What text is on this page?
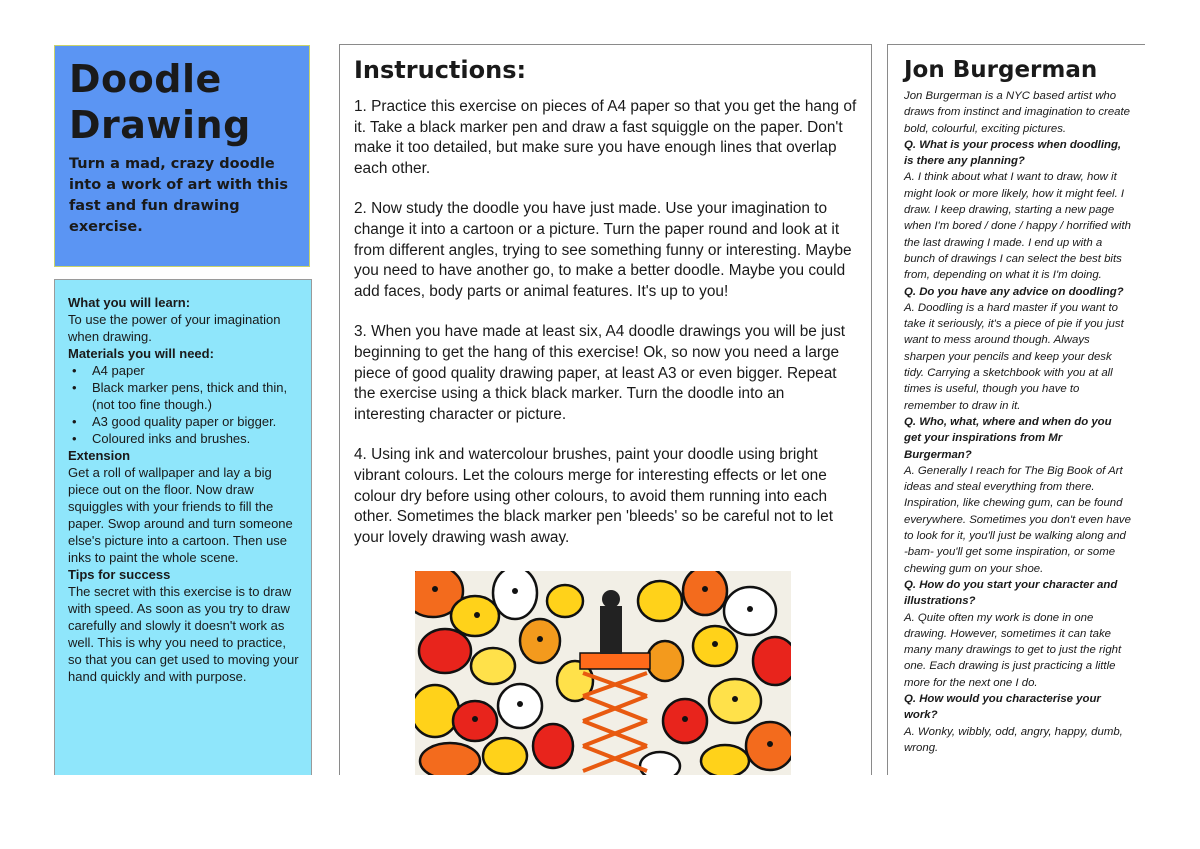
Doodle
Drawing
Turn a mad, crazy doodle into a work of art with this fast and fun drawing exercise.

What you will learn:

To use the power of your imagination when drawing.

Materials you will need:

• A4 paper
• Black marker pens, thick and thin, (not too fine though.)
• A3 good quality paper or bigger.
• Coloured inks and brushes.

Extension

Get a roll of wallpaper and lay a big piece out on the floor. Now draw squiggles with your friends to fill the paper. Swop around and turn someone else's picture into a cartoon. Then use inks to paint the whole scene.

Tips for success

The secret with this exercise is to draw with speed. As soon as you try to draw carefully and slowly it doesn't work as well. This is why you need to practice, so that you can get used to moving your hand quickly and with purpose.

Instructions:

1. Practice this exercise on pieces of A4 paper so that you get the hang of it. Take a black marker pen and draw a fast squiggle on the paper. Don't make it too detailed, but make sure you have enough lines that overlap each other.

2. Now study the doodle you have just made. Use your imagination to change it into a cartoon or a picture. Turn the paper round and look at it from different angles, trying to see something funny or interesting. Maybe you need to have another go, to make a better doodle. Maybe you could add faces, body parts or animal features. It's up to you!

3. When you have made at least six, A4 doodle drawings you will be just beginning to get the hang of this exercise! Ok, so now you need a large piece of good quality drawing paper, at least A3 or even bigger. Repeat the exercise using a thick black marker. Turn the doodle into an interesting character or picture.

4. Using ink and watercolour brushes, paint your doodle using bright vibrant colours. Let the colours merge for interesting effects or let one colour dry before using other colours, to avoid them running into each other. Sometimes the black marker pen 'bleeds' so be careful not to let your lovely drawing wash away.

Jon Burgerman

Jon Burgerman is a NYC based artist who draws from instinct and imagination to create bold, colourful, exciting pictures.

Q. What is your process when doodling, is there any planning?

A. I think about what I want to draw, how it might look or more likely, how it might feel. I draw. I keep drawing, starting a new page when I'm bored / done / happy / horrified with the last drawing I made. I end up with a bunch of drawings I can select the best bits from, depending on what it is I'm doing.

Q. Do you have any advice on doodling?

A. Doodling is a hard master if you want to take it seriously, it's a piece of pie if you just want to mess around though. Always sharpen your pencils and keep your desk tidy. Carrying a sketchbook with you at all times is useful, though you have to remember to draw in it.

Q. Who, what, where and when do you get your inspirations from Mr Burgerman?

A. Generally I reach for The Big Book of Art ideas and steal everything from there. Inspiration, like chewing gum, can be found everywhere. Sometimes you don't even have to look for it, you'll just be walking along and -bam- you'll get some inspiration, or some chewing gum on your shoe.

Q. How do you start your character and illustrations?

A. Quite often my work is done in one drawing. However, sometimes it can take many many drawings to get to just the right one. Each drawing is just practicing a little more for the next one I do.

Q. How would you characterise your work?

A. Wonky, wibbly, odd, angry, happy, dumb, wrong.
